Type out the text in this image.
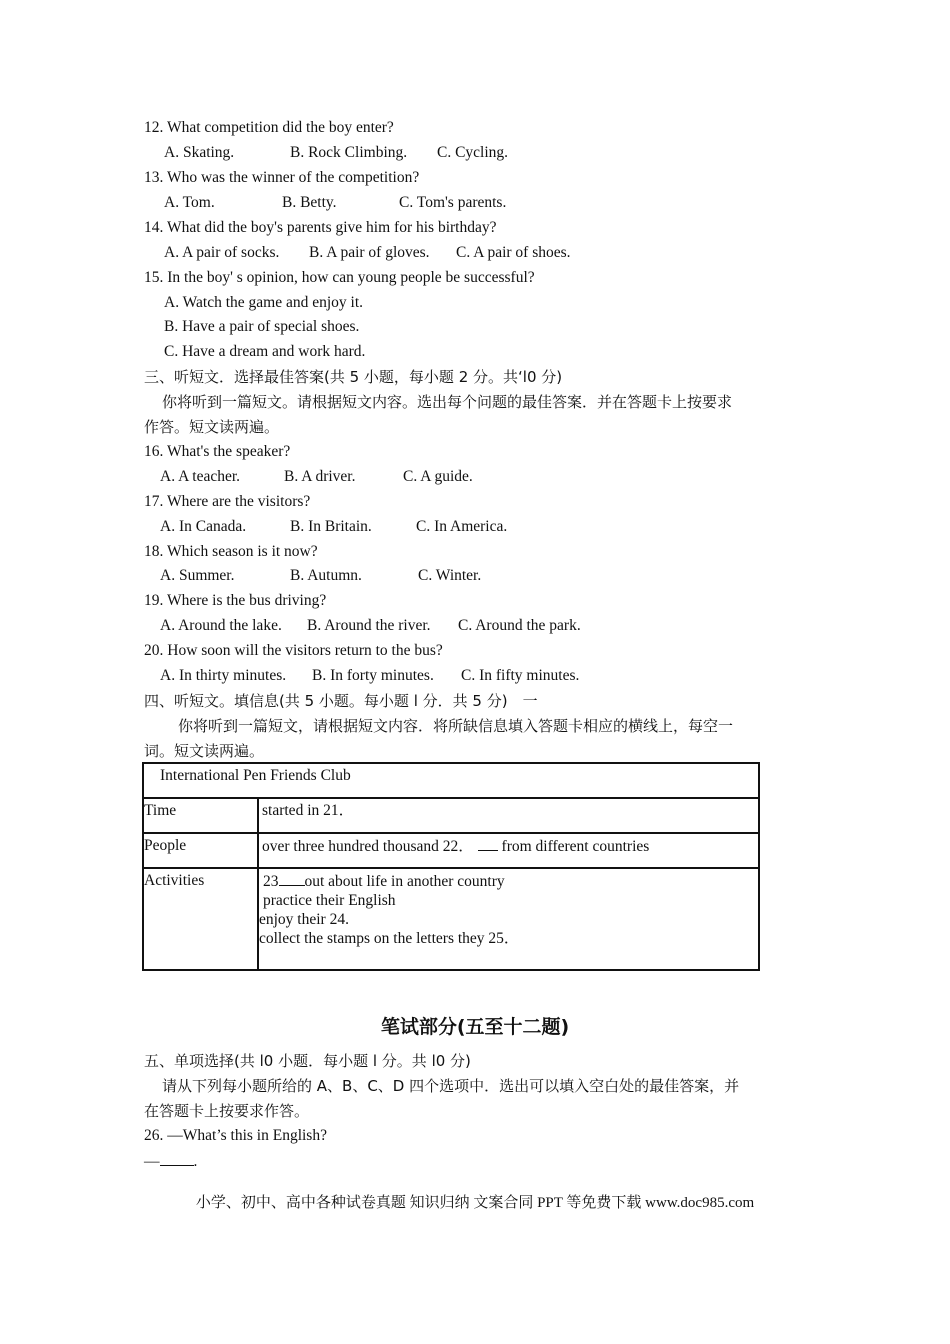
12. What competition did the boy enter?
A. Skating.	B. Rock Climbing. C. Cycling.
13. Who was the winner of the competition?
A. Tom.	B. Betty.	C. Tom's parents.
14. What did the boy's parents give him for his birthday?
A. A pair of socks. B. A pair of gloves. C. A pair of shoes.
15. In the boy' s opinion, how can young people be successful?
A. Watch the game and enjoy it.
B. Have a pair of special shoes.
C. Have a dream and work hard.
三、听短文．选择最佳答案(共 5 小题，每小题 2 分。共‘l0 分)
你将听到一篇短文。请根据短文内容。选出每个问题的最佳答案．并在答题卡上按要求
作答。短文读两遍。
16. What's the speaker?
A. A teacher.	B. A driver.	C. A guide.
17. Where are the visitors?
A. In Canada.	B. In Britain.	C. In America.
18. Which season is it now?
A. Summer.	B. Autumn.	C. Winter.
19. Where is the bus driving?
A. Around the lake. B. Around the river. C. Around the park.
20. How soon will the visitors return to the bus?
A. In thirty minutes. B. In forty minutes. C. In fifty minutes.
四、听短文。填信息(共 5 小题。每小题 l 分．共 5 分)　一
你将听到一篇短文，请根据短文内容．将所缺信息填入答题卡相应的横线上，每空一
词。短文读两遍。
International Pen Friends Club	
Time	started in 21．
People	over three hundred thousand 22．  from different countries
Activities	23 out about life in another country
practice their English
enjoy their 24.
collect the stamps on the letters they 25．
笔试部分(五至十二题)
五、单项选择(共 l0 小题．每小题 l 分。共 l0 分)
请从下列每小题所给的 A、B、C、D 四个选项中．选出可以填入空白处的最佳答案，并
在答题卡上按要求作答。
26. —What’s this in English?
— .
小学、初中、高中各种试卷真题 知识归纳 文案合同 PPT 等免费下载 www.doc985.com
